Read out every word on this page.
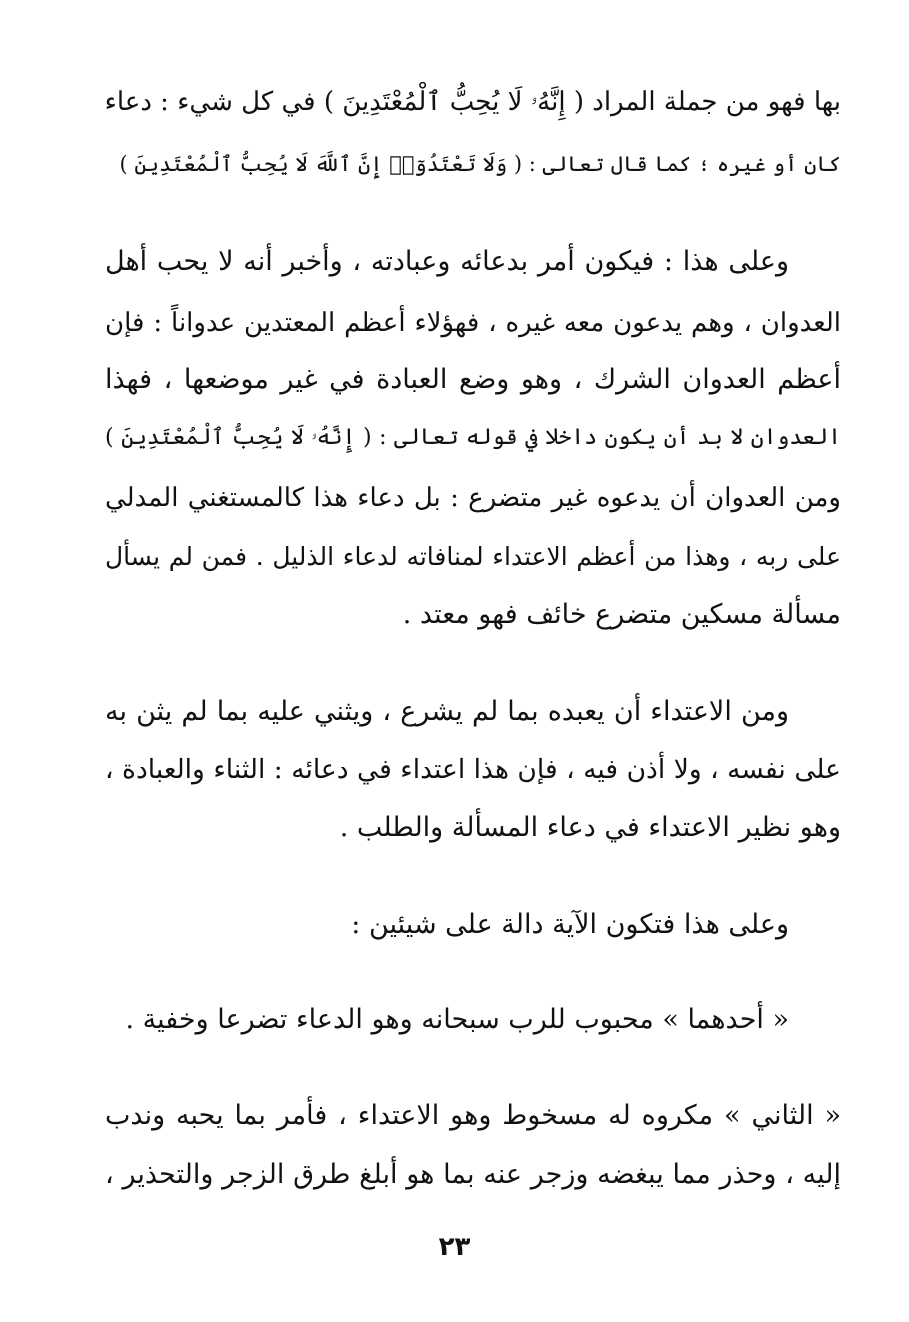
بها فهو من جملة المراد ( إِنَّهُۥ لَا يُحِبُّ ٱلْمُعْتَدِينَ ) في كل شيء : دعاء
كان أو غيره ؛ كما قال تعالى : ( وَلَا تَعْتَدُوٓا۟ إِنَّ ٱللَّهَ لَا يُحِبُّ ٱلْمُعْتَدِينَ )
وعلى هذا : فيكون أمر بدعائه وعبادته ، وأخبر أنه لا يحب أهل
العدوان ، وهم يدعون معه غيره ، فهؤلاء أعظم المعتدين عدواناً : فإن
أعظم العدوان الشرك ، وهو وضع العبادة في غير موضعها ، فهذا
العدوان لا بد أن يكون داخلا في قوله تعالى : ( إِنَّهُۥ لَا يُحِبُّ ٱلْمُعْتَدِينَ )
ومن العدوان أن يدعوه غير متضرع : بل دعاء هذا كالمستغني المدلي
على ربه ، وهذا من أعظم الاعتداء لمنافاته لدعاء الذليل . فمن لم يسأل
مسألة مسكين متضرع خائف فهو معتد .
ومن الاعتداء أن يعبده بما لم يشرع ، ويثني عليه بما لم يثن به
على نفسه ، ولا أذن فيه ، فإن هذا اعتداء في دعائه : الثناء والعبادة ،
وهو نظير الاعتداء في دعاء المسألة والطلب .
وعلى هذا فتكون الآية دالة على شيئين :
« أحدهما » محبوب للرب سبحانه وهو الدعاء تضرعا وخفية .
« الثاني » مكروه له مسخوط وهو الاعتداء ، فأمر بما يحبه وندب
إليه ، وحذر مما يبغضه وزجر عنه بما هو أبلغ طرق الزجر والتحذير ،
٢٣
